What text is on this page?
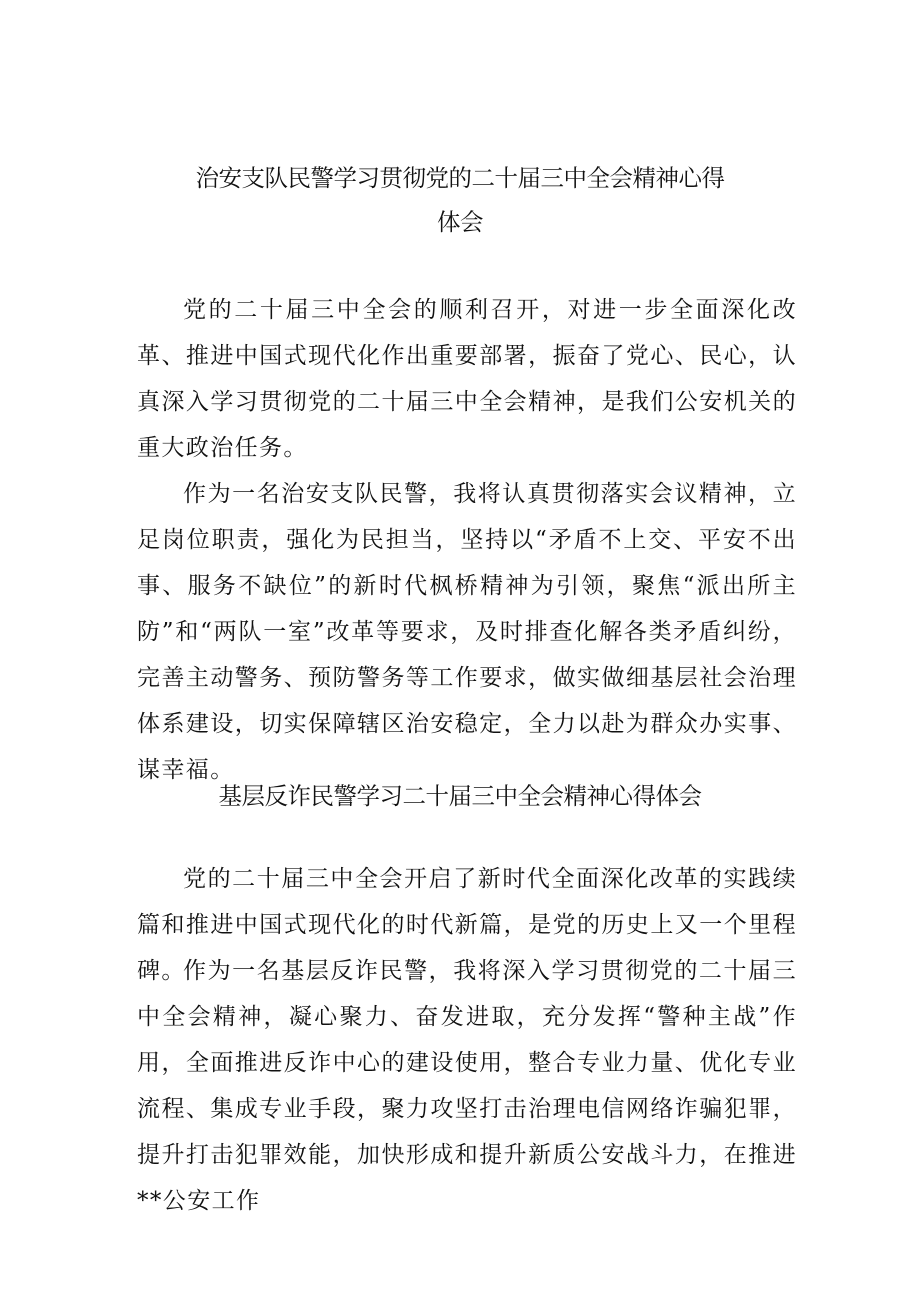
治安支队民警学习贯彻党的二十届三中全会精神心得
体会

党的二十届三中全会的顺利召开，对进一步全面深化改革、推进中国式现代化作出重要部署，振奋了党心、民心，认真深入学习贯彻党的二十届三中全会精神，是我们公安机关的重大政治任务。

作为一名治安支队民警，我将认真贯彻落实会议精神，立足岗位职责，强化为民担当，坚持以“矛盾不上交、平安不出事、服务不缺位”的新时代枫桥精神为引领，聚焦“派出所主防”和“两队一室”改革等要求，及时排查化解各类矛盾纠纷，完善主动警务、预防警务等工作要求，做实做细基层社会治理体系建设，切实保障辖区治安稳定，全力以赴为群众办实事、谋幸福。

基层反诈民警学习二十届三中全会精神心得体会

党的二十届三中全会开启了新时代全面深化改革的实践续篇和推进中国式现代化的时代新篇，是党的历史上又一个里程碑。

作为一名基层反诈民警，我将深入学习贯彻党的二十届三中全会精神，凝心聚力、奋发进取，充分发挥“警种主战”作用，全面推进反诈中心的建设使用，整合专业力量、优化专业流程、集成专业手段，聚力攻坚打击治理电信网络诈骗犯罪，提升打击犯罪效能，加快形成和提升新质公安战斗力，在推进**公安工作
